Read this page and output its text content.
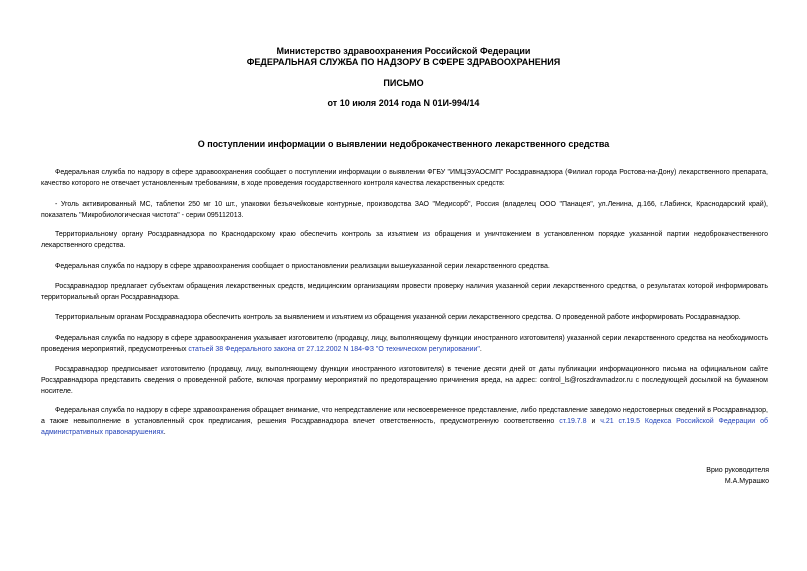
Министерство здравоохранения Российской Федерации
ФЕДЕРАЛЬНАЯ СЛУЖБА ПО НАДЗОРУ В СФЕРЕ ЗДРАВООХРАНЕНИЯ
ПИСЬМО
от 10 июля 2014 года N 01И-994/14
О поступлении информации о выявлении недоброкачественного лекарственного средства

Федеральная служба по надзору в сфере здравоохранения сообщает о поступлении информации о выявлении ФГБУ "ИМЦЭУАОСМП" Росздравнадзора (Филиал города Ростова-на-Дону) лекарственного препарата, качество которого не отвечает установленным требованиям, в ходе проведения государственного контроля качества лекарственных средств:

- Уголь активированный МС, таблетки 250 мг 10 шт., упаковки безъячейковые контурные, производства ЗАО "Медисорб", Россия (владелец ООО "Панацея", ул.Ленина, д.166, г.Лабинск, Краснодарский край), показатель "Микробиологическая чистота" - серии 095112013.

Территориальному органу Росздравнадзора по Краснодарскому краю обеспечить контроль за изъятием из обращения и уничтожением в установленном порядке указанной партии недоброкачественного лекарственного средства.

Федеральная служба по надзору в сфере здравоохранения сообщает о приостановлении реализации вышеуказанной серии лекарственного средства.

Росздравнадзор предлагает субъектам обращения лекарственных средств, медицинским организациям провести проверку наличия указанной серии лекарственного средства, о результатах которой информировать территориальный орган Росздравнадзора.

Территориальным органам Росздравнадзора обеспечить контроль за выявлением и изъятием из обращения указанной серии лекарственного средства. О проведенной работе информировать Росздравнадзор.

Федеральная служба по надзору в сфере здравоохранения указывает изготовителю (продавцу, лицу, выполняющему функции иностранного изготовителя) указанной серии лекарственного средства на необходимость проведения мероприятий, предусмотренных статьей 38 Федерального закона от 27.12.2002 N 184-ФЗ "О техническом регулировании".

Росздравнадзор предписывает изготовителю (продавцу, лицу, выполняющему функции иностранного изготовителя) в течение десяти дней от даты публикации информационного письма на официальном сайте Росздравнадзора представить сведения о проведенной работе, включая программу мероприятий по предотвращению причинения вреда, на адрес: control_ls@roszdravnadzor.ru с последующей досылкой на бумажном носителе.

Федеральная служба по надзору в сфере здравоохранения обращает внимание, что непредставление или несвоевременное представление, либо представление заведомо недостоверных сведений в Росздравнадзор, а также невыполнение в установленный срок предписания, решения Росздравнадзора влечет ответственность, предусмотренную соответственно ст.19.7.8 и ч.21 ст.19.5 Кодекса Российской Федерации об административных правонарушениях.

Врио руководителя
М.А.Мурашко
